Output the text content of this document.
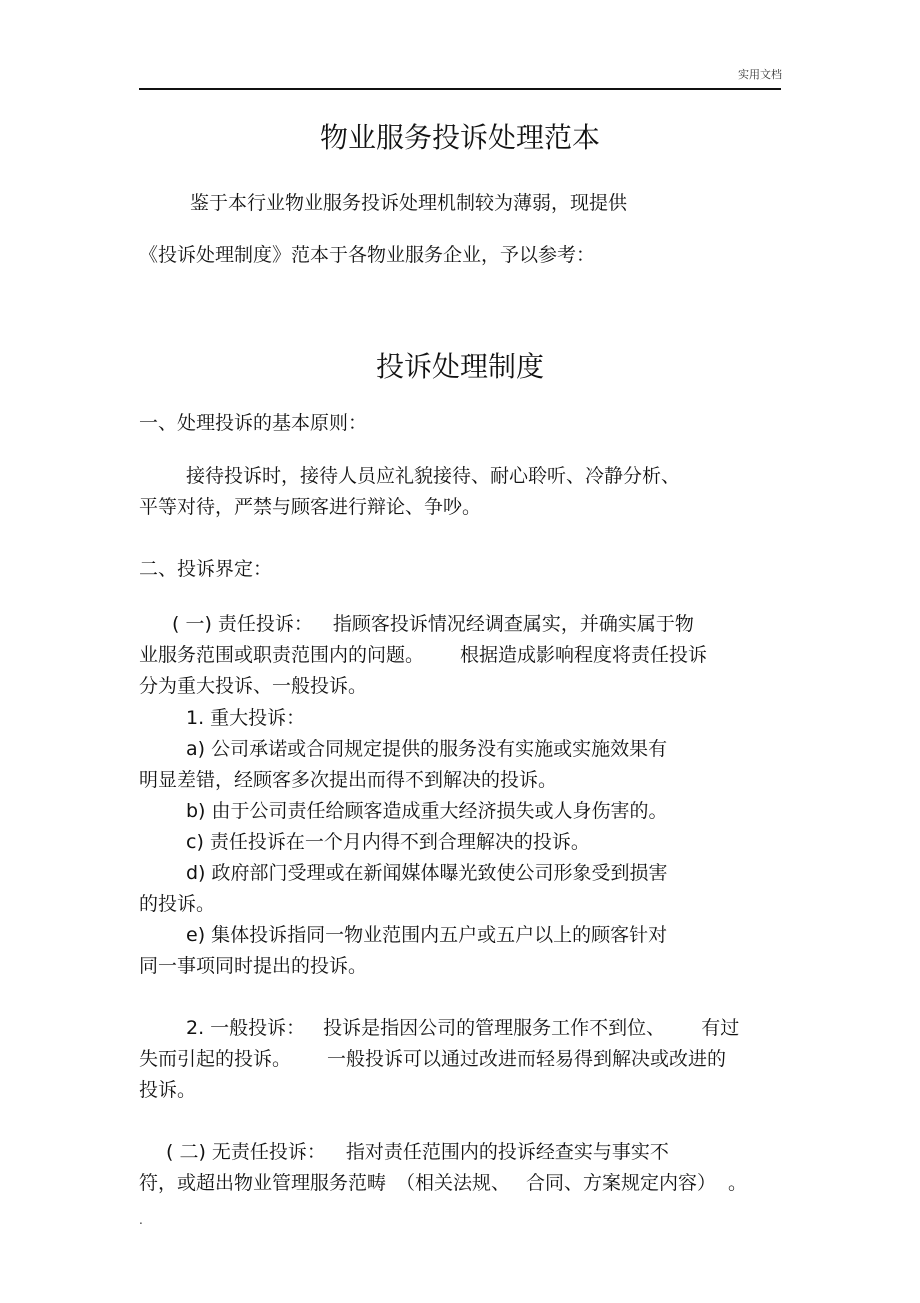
实用文档
物业服务投诉处理范本
鉴于本行业物业服务投诉处理机制较为薄弱，现提供
《投诉处理制度》范本于各物业服务企业，予以参考：
投诉处理制度
一、处理投诉的基本原则：
接待投诉时，接待人员应礼貌接待、耐心聆听、冷静分析、
平等对待，严禁与顾客进行辩论、争吵。
二、投诉界定：
( 一) 责任投诉： 指顾客投诉情况经调查属实，并确实属于物
业服务范围或职责范围内的问题。 根据造成影响程度将责任投诉
分为重大投诉、一般投诉。
1. 重大投诉：
a) 公司承诺或合同规定提供的服务没有实施或实施效果有
明显差错，经顾客多次提出而得不到解决的投诉。
b) 由于公司责任给顾客造成重大经济损失或人身伤害的。
c) 责任投诉在一个月内得不到合理解决的投诉。
d) 政府部门受理或在新闻媒体曝光致使公司形象受到损害
的投诉。
e) 集体投诉指同一物业范围内五户或五户以上的顾客针对
同一事项同时提出的投诉。
2. 一般投诉： 投诉是指因公司的管理服务工作不到位、 有过
失而引起的投诉。 一般投诉可以通过改进而轻易得到解决或改进的
投诉。
( 二) 无责任投诉： 指对责任范围内的投诉经查实与事实不
符，或超出物业管理服务范畴 （相关法规、 合同、方案规定内容） 。
.
